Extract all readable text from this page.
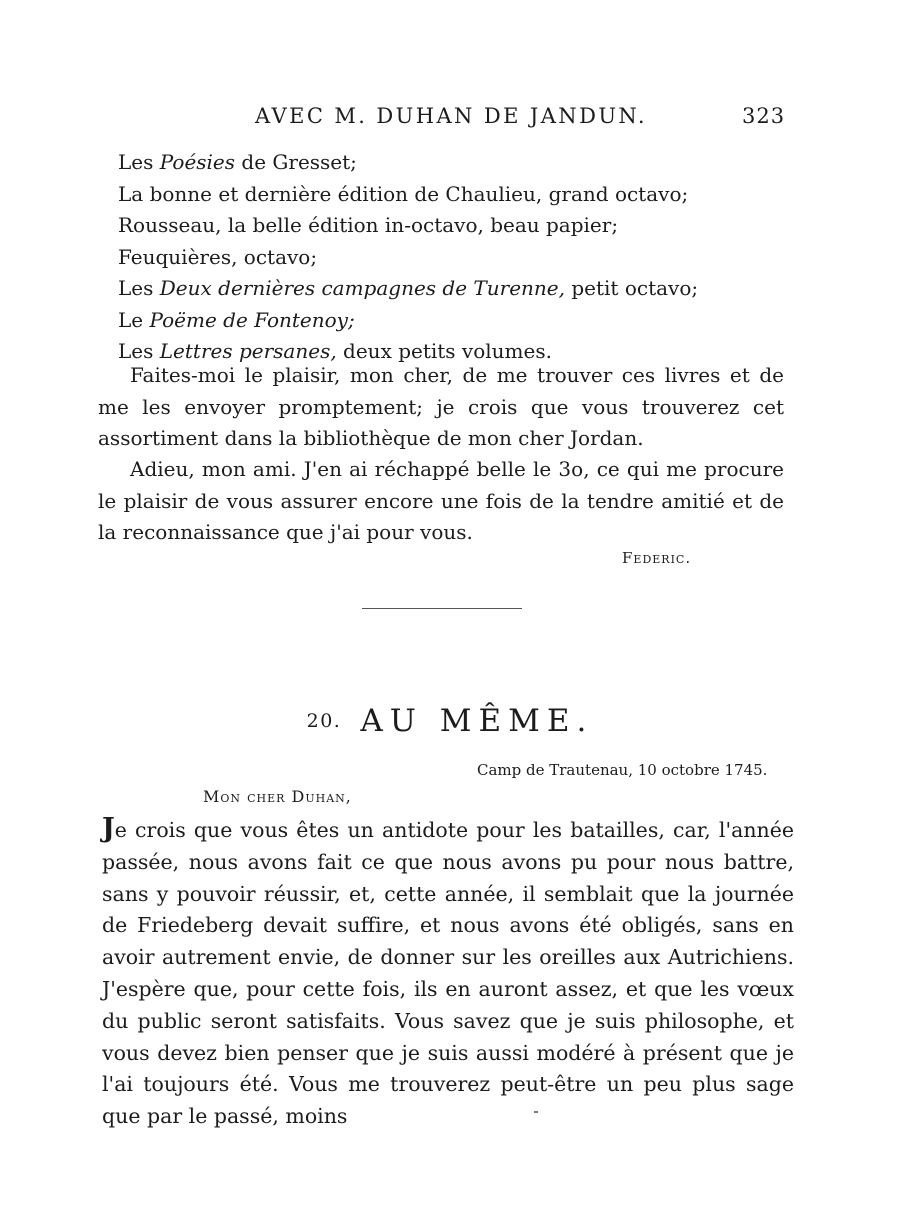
AVEC M. DUHAN DE JANDUN.	323
Les Poésies de Gresset;
La bonne et dernière édition de Chaulieu, grand octavo;
Rousseau, la belle édition in-octavo, beau papier;
Feuquières, octavo;
Les Deux dernières campagnes de Turenne, petit octavo;
Le Poëme de Fontenoy;
Les Lettres persanes, deux petits volumes.

Faites-moi le plaisir, mon cher, de me trouver ces livres et de me les envoyer promptement; je crois que vous trouverez cet assortiment dans la bibliothèque de mon cher Jordan.

Adieu, mon ami. J'en ai réchappé belle le 3o, ce qui me procure le plaisir de vous assurer encore une fois de la tendre amitié et de la reconnaissance que j'ai pour vous.

Federic.
20. AU MÊME.
Camp de Trautenau, 10 octobre 1745.
Mon cher Duhan,

Je crois que vous êtes un antidote pour les batailles, car, l'année passée, nous avons fait ce que nous avons pu pour nous battre, sans y pouvoir réussir, et, cette année, il semblait que la journée de Friedeberg devait suffire, et nous avons été obligés, sans en avoir autrement envie, de donner sur les oreilles aux Autrichiens. J'espère que, pour cette fois, ils en auront assez, et que les vœux du public seront satisfaits. Vous savez que je suis philosophe, et vous devez bien penser que je suis aussi modéré à présent que je l'ai toujours été. Vous me trouverez peut-être un peu plus sage que par le passé, moins
